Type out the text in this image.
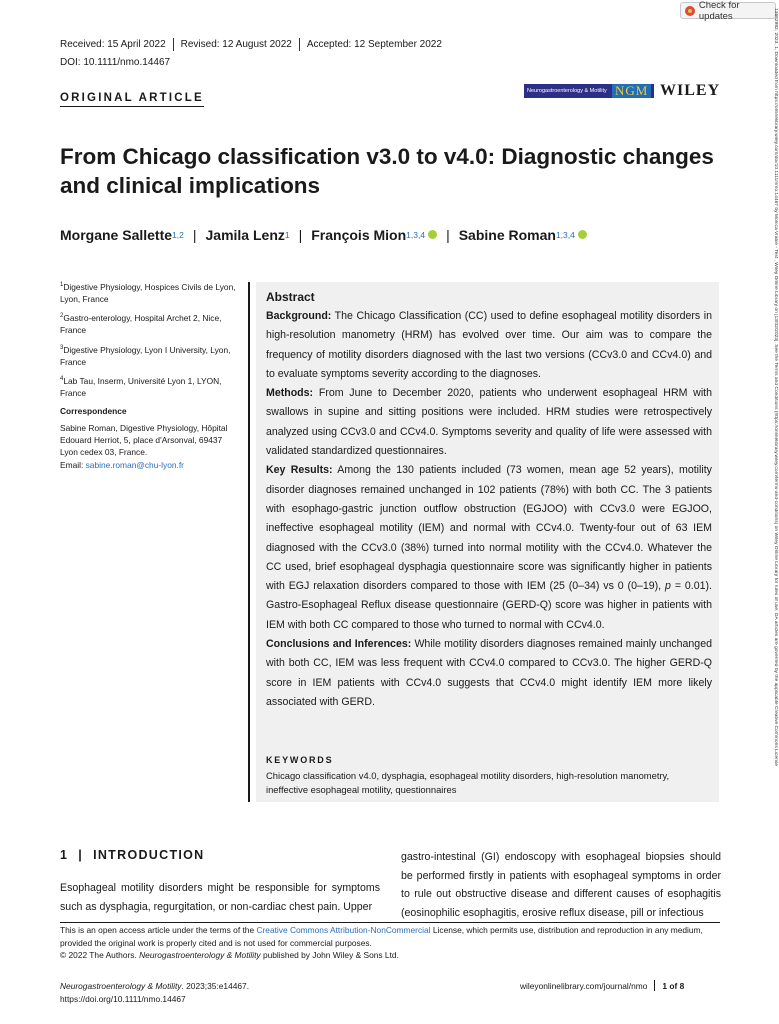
Check for updates
Received: 15 April 2022 Revised: 12 August 2022 Accepted: 12 September 2022
DOI: 10.1111/nmo.14467
ORIGINAL ARTICLE
Neurogastroenterology & Motility NGM WILEY
From Chicago classification v3.0 to v4.0: Diagnostic changes and clinical implications
Morgane Sallette 1,2 | Jamila Lenz 1 | François Mion 1,3,4 | Sabine Roman 1,3,4

$^1$Digestive Physiology, Hospices Civils de Lyon, Lyon, France

$^2$Gastro-enterology, Hospital Archet 2, Nice, France

$^3$Digestive Physiology, Lyon I University, Lyon, France

$^4$Lab Tau, Inserm, Université Lyon 1, LYON, France

Correspondence

Sabine Roman, Digestive Physiology, Hôpital Edouard Herriot, 5, place d'Arsonval, 69437 Lyon cedex 03, France.
Email: sabine.roman@chu-lyon.fr

Abstract

Background: The Chicago Classification (CC) used to define esophageal motility disorders in high-resolution manometry (HRM) has evolved over time. Our aim was to compare the frequency of motility disorders diagnosed with the last two versions (CCv3.0 and CCv4.0) and to evaluate symptoms severity according to the diagnoses.

Methods: From June to December 2020, patients who underwent esophageal HRM with swallows in supine and sitting positions were included. HRM studies were retrospectively analyzed using CCv3.0 and CCv4.0. Symptoms severity and quality of life were assessed with validated standardized questionnaires.

Key Results: Among the 130 patients included (73 women, mean age 52 years), motility disorder diagnoses remained unchanged in 102 patients (78%) with both CC. The 3 patients with esophago-gastric junction outflow obstruction (EGJOO) with CCv3.0 were EGJOO, ineffective esophageal motility (IEM) and normal with CCv4.0. Twenty-four out of 63 IEM diagnosed with the CCv3.0 (38%) turned into normal motility with the CCv4.0. Whatever the CC used, brief esophageal dysphagia questionnaire score was significantly higher in patients with EGJ relaxation disorders compared to those with IEM (25 (0–34) vs 0 (0–19), p = 0.01). Gastro-Esophageal Reflux disease questionnaire (GERD-Q) score was higher in patients with IEM with both CC compared to those who turned to normal with CCv4.0.

Conclusions and Inferences: While motility disorders diagnoses remained mainly unchanged with both CC, IEM was less frequent with CCv4.0 compared to CCv3.0. The higher GERD-Q score in IEM patients with CCv4.0 suggests that CCv4.0 might identify IEM more likely associated with GERD.

KEYWORDS
Chicago classification v4.0, dysphagia, esophageal motility disorders, high-resolution manometry, ineffective esophageal motility, questionnaires
1 | INTRODUCTION
Esophageal motility disorders might be responsible for symptoms such as dysphagia, regurgitation, or non-cardiac chest pain. Upper
gastro-intestinal (GI) endoscopy with esophageal biopsies should be performed firstly in patients with esophageal symptoms in order to rule out obstructive disease and different causes of esophagitis (eosinophilic esophagitis, erosive reflux disease, pill or infectious

This is an open access article under the terms of the Creative Commons Attribution-NonCommercial License, which permits use, distribution and reproduction in any medium, provided the original work is properly cited and is not used for commercial purposes.

© 2022 The Authors. Neurogastroenterology & Motility published by John Wiley & Sons Ltd.

Neurogastroenterology & Motility. 2023;35:e14467.
https://doi.org/10.1111/nmo.14467
wileyonlinelibrary.com/journal/nmo 1 of 8
13652982, 2023, 1, Downloaded from https://onlinelibrary.wiley.com/doi/10.1111/nmo.14467 by Monica Vrabie - Test , Wiley Online Library on [13/02/2023]. See the Terms and Conditions (https://onlinelibrary.wiley.com/terms-and-conditions) on Wiley Online Library for rules of use; OA articles are governed by the applicable Creative Commons License
